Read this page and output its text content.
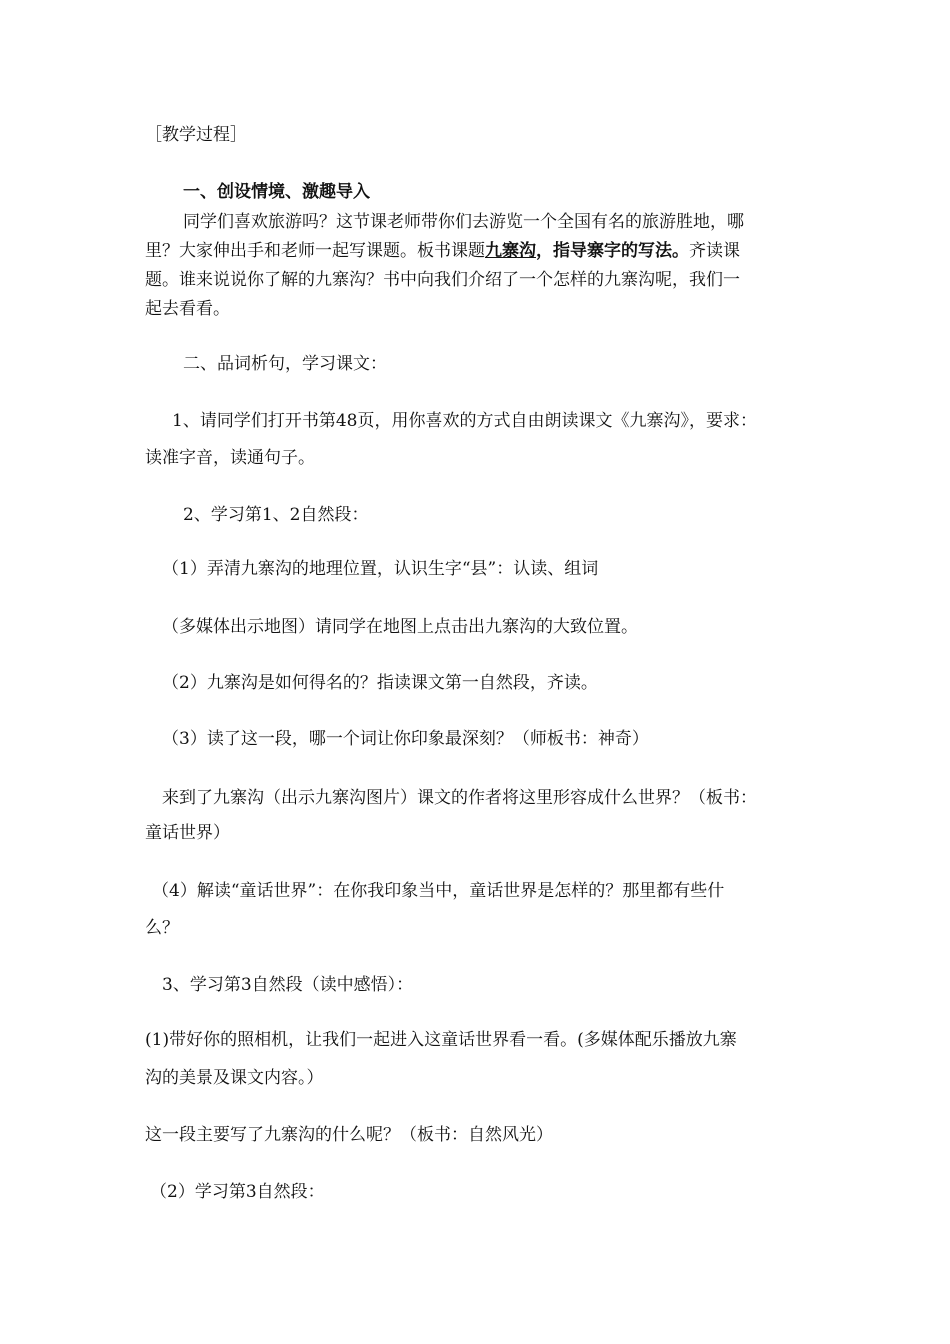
［教学过程］
一、创设情境、激趣导入
同学们喜欢旅游吗？这节课老师带你们去游览一个全国有名的旅游胜地，哪
里？大家伸出手和老师一起写课题。板书课题九寨沟，指导寨字的写法。齐读课
题。谁来说说你了解的九寨沟？书中向我们介绍了一个怎样的九寨沟呢，我们一
起去看看。
二、品词析句，学习课文：
1、请同学们打开书第48页，用你喜欢的方式自由朗读课文《九寨沟》，要求：
读准字音，读通句子。
2、学习第1、2自然段：
（1）弄清九寨沟的地理位置，认识生字“县”：认读、组词
（多媒体出示地图）请同学在地图上点击出九寨沟的大致位置。
（2）九寨沟是如何得名的？指读课文第一自然段，齐读。
（3）读了这一段，哪一个词让你印象最深刻？（师板书：神奇）
来到了九寨沟（出示九寨沟图片）课文的作者将这里形容成什么世界？（板书：
童话世界）
（4）解读“童话世界”：在你我印象当中，童话世界是怎样的？那里都有些什
么？
3、学习第3自然段（读中感悟）：
(1)带好你的照相机，让我们一起进入这童话世界看一看。(多媒体配乐播放九寨
沟的美景及课文内容。）
这一段主要写了九寨沟的什么呢？（板书：自然风光）
（2）学习第3自然段：
